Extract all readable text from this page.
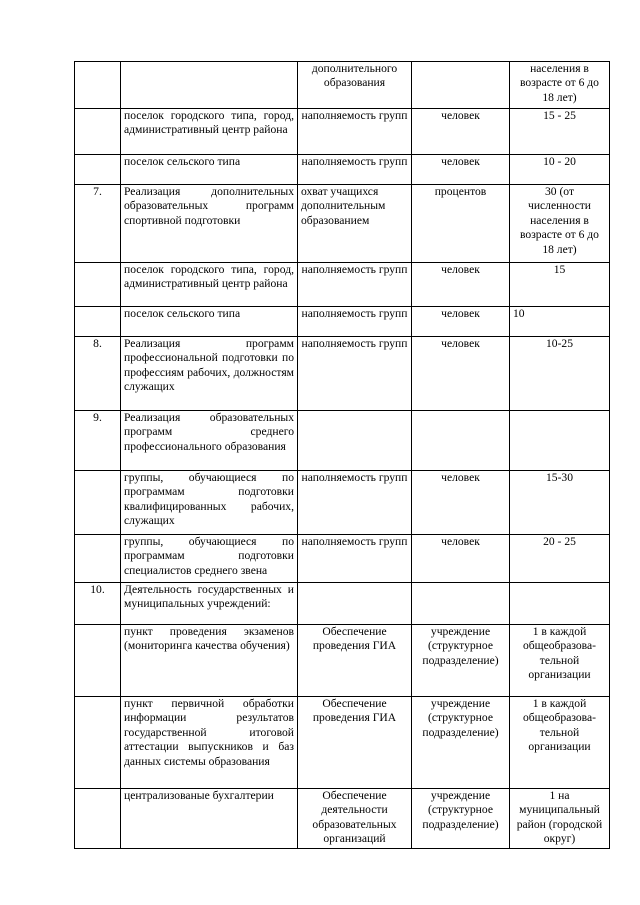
		дополнительного образования		населения в возрасте от 6 до 18 лет)
	поселок городского типа, город, административный центр района	наполняемость групп	человек	15 - 25
	поселок сельского типа	наполняемость групп	человек	10 - 20
7.	Реализация дополнительных образовательных программ спортивной подготовки	охват учащихся дополнительным образованием	процентов	30 (от численности населения в возрасте от 6 до 18 лет)
	поселок городского типа, город, административный центр района	наполняемость групп	человек	15
	поселок сельского типа	наполняемость групп	человек	10
8.	Реализация программ профессиональной подготовки по профессиям рабочих, должностям служащих	наполняемость групп	человек	10-25
9.	Реализация образовательных программ среднего профессионального образования			
	группы, обучающиеся по программам подготовки квалифицированных рабочих, служащих	наполняемость групп	человек	15-30
	группы, обучающиеся по программам подготовки специалистов среднего звена	наполняемость групп	человек	20 - 25
10.	Деятельность государственных и муниципальных учреждений:			
	пункт проведения экзаменов (мониторинга качества обучения)	Обеспечение проведения ГИА	учреждение (структурное подразделение)	1 в каждой общеобразова-тельной организации
	пункт первичной обработки информации результатов государственной итоговой аттестации выпускников и баз данных системы образования	Обеспечение проведения ГИА	учреждение (структурное подразделение)	1 в каждой общеобразова-тельной организации
	централизованые бухгалтерии	Обеспечение деятельности образовательных организаций	учреждение (структурное подразделение)	1 на муниципальный район (городской округ)
